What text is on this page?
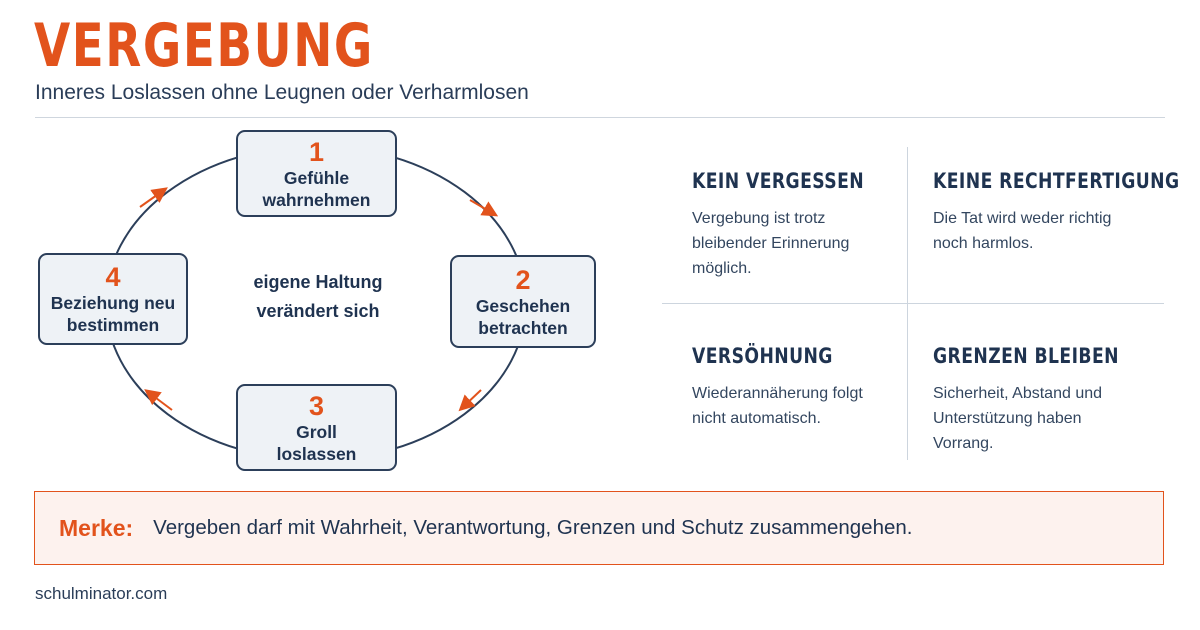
VERGEBUNG
Inneres Loslassen ohne Leugnen oder Verharmlosen
1
Gefühle
wahrnehmen
2
Geschehen
betrachten
3
Groll
loslassen
4
Beziehung neu
bestimmen
eigene Haltung
verändert sich
KEIN VERGESSEN
Vergebung ist trotz bleibender Erinnerung möglich.
KEINE RECHTFERTIGUNG
Die Tat wird weder richtig noch harmlos.
VERSÖHNUNG
Wiederannäherung folgt nicht automatisch.
GRENZEN BLEIBEN
Sicherheit, Abstand und Unterstützung haben Vorrang.
Merke: Vergeben darf mit Wahrheit, Verantwortung, Grenzen und Schutz zusammengehen.
schulminator.com
